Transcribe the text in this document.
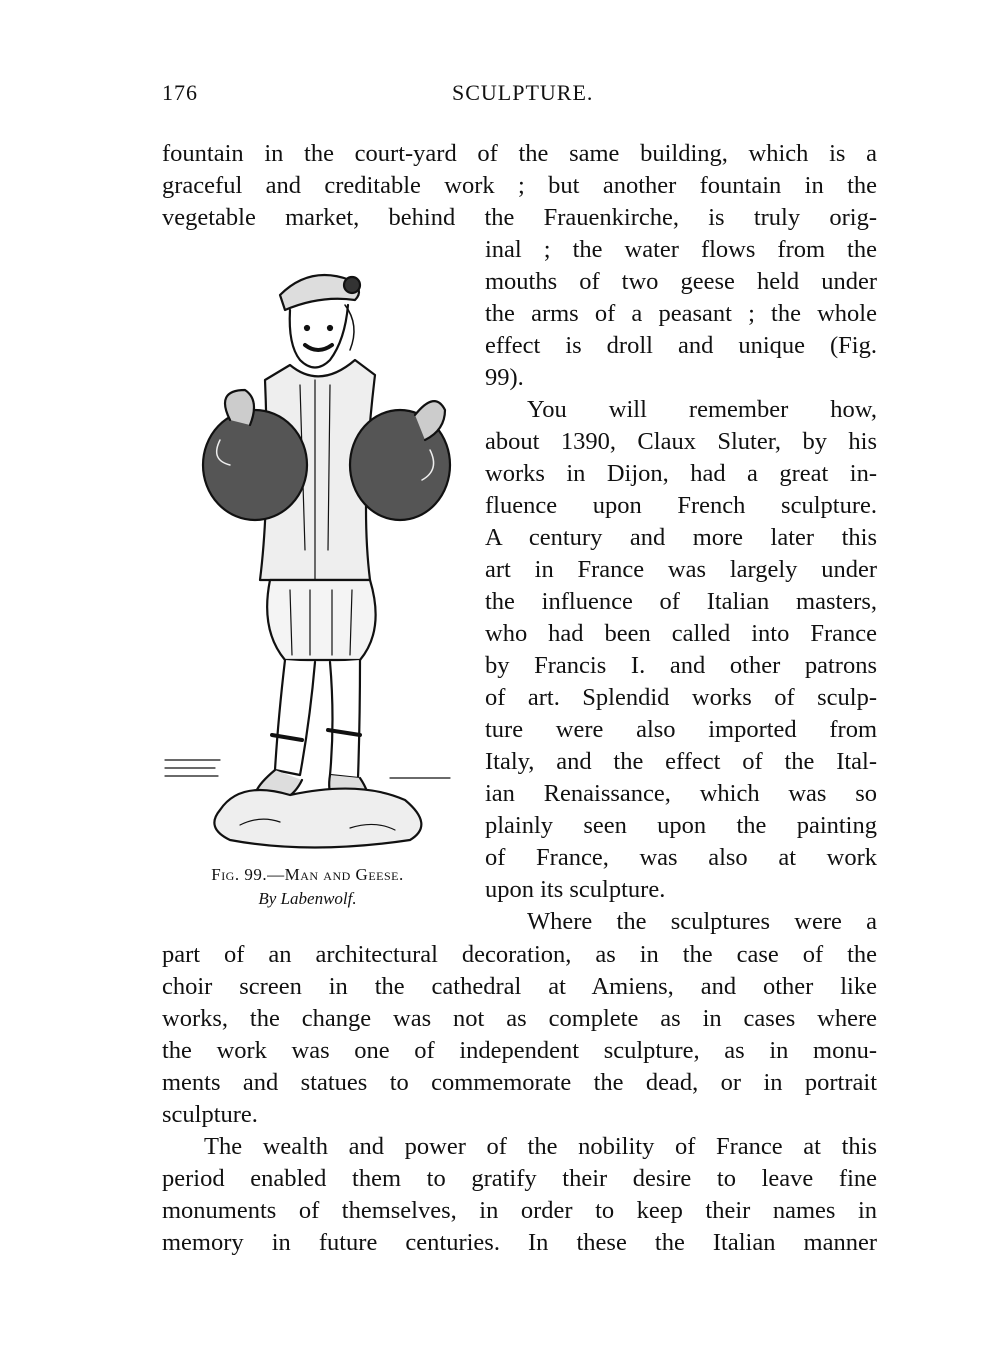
176	SCULPTURE.
fountain in the court-yard of the same building, which is a
graceful and creditable work ; but another fountain in the
vegetable market, behind the Frauenkirche, is truly orig-
inal ; the water flows from the
mouths of two geese held under
the arms of a peasant ; the whole
effect is droll and unique (Fig.
99).
You will remember how,
about 1390, Claux Sluter, by his
works in Dijon, had a great in-
fluence upon French sculpture.
A century and more later this
art in France was largely under
the influence of Italian masters,
who had been called into France
by Francis I. and other patrons
of art. Splendid works of sculp-
ture were also imported from
Italy, and the effect of the Ital-
ian Renaissance, which was so
plainly seen upon the painting
of France, was also at work
upon its sculpture.
Where the sculptures were a
part of an architectural decoration, as in the case of the
choir screen in the cathedral at Amiens, and other like
works, the change was not as complete as in cases where
the work was one of independent sculpture, as in monu-
ments and statues to commemorate the dead, or in portrait
sculpture.
The wealth and power of the nobility of France at this
period enabled them to gratify their desire to leave fine
monuments of themselves, in order to keep their names in
memory in future centuries. In these the Italian manner
Fig. 99.—Man and Geese.
By Labenwolf.
